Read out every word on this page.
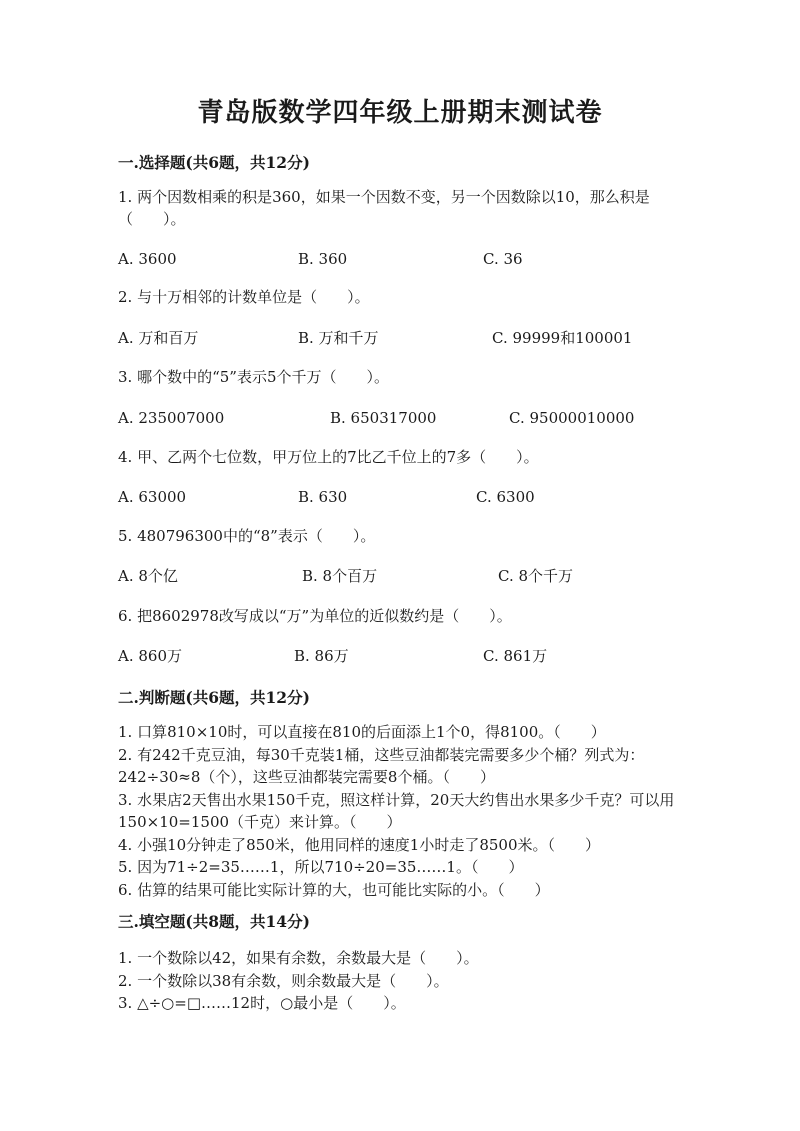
青岛版数学四年级上册期末测试卷
一.选择题(共6题，共12分)
1. 两个因数相乘的积是360，如果一个因数不变，另一个因数除以10，那么积是（　　）。
A. 3600	B. 360	C. 36
2. 与十万相邻的计数单位是（　　）。
A. 万和百万	B. 万和千万	C. 99999和100001
3. 哪个数中的“5”表示5个千万（　　）。
A. 235007000	B. 650317000	C. 95000010000
4. 甲、乙两个七位数，甲万位上的7比乙千位上的7多（　　）。
A. 63000	B. 630	C. 6300
5. 480796300中的“8”表示（　　）。
A. 8个亿	B. 8个百万	C. 8个千万
6. 把8602978改写成以“万”为单位的近似数约是（　　）。
A. 860万	B. 86万	C. 861万
二.判断题(共6题，共12分)
1. 口算810×10时，可以直接在810的后面添上1个0，得8100。（　　）
2. 有242千克豆油，每30千克装1桶，这些豆油都装完需要多少个桶？列式为：242÷30≈8（个），这些豆油都装完需要8个桶。（　　）
3. 水果店2天售出水果150千克，照这样计算，20天大约售出水果多少千克？可以用150×10=1500（千克）来计算。（　　）
4. 小强10分钟走了850米，他用同样的速度1小时走了8500米。（　　）
5. 因为71÷2=35……1，所以710÷20=35……1。（　　）
6. 估算的结果可能比实际计算的大，也可能比实际的小。（　　）
三.填空题(共8题，共14分)
1. 一个数除以42，如果有余数，余数最大是（　　）。
2. 一个数除以38有余数，则余数最大是（　　）。
3. △÷○=□……12时，○最小是（　　）。
